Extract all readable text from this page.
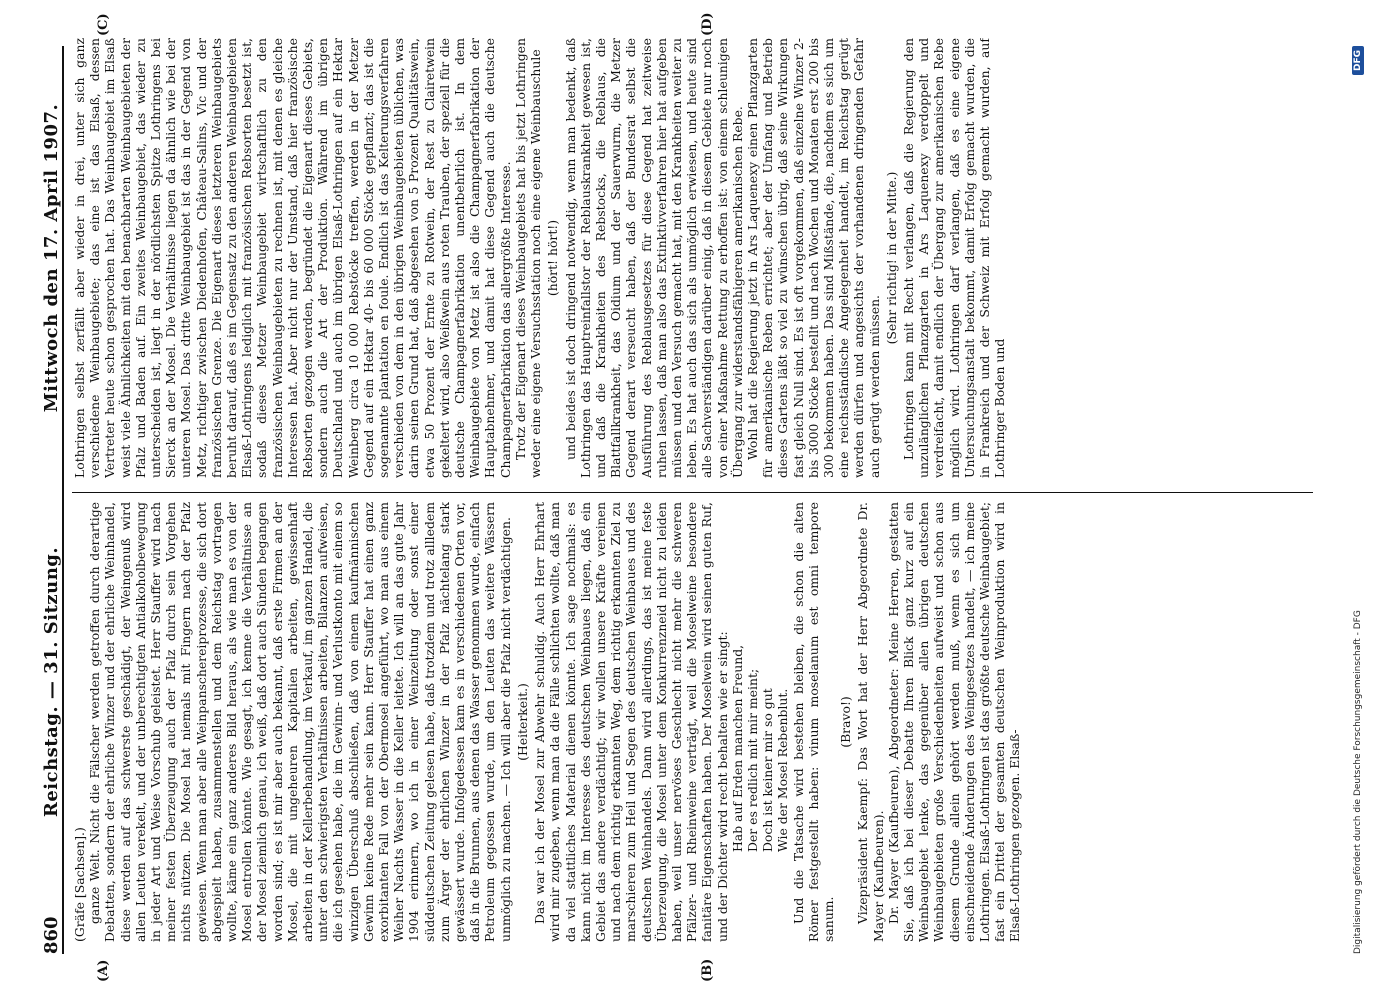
860
Reichstag. — 31. Sitzung.
Mittwoch den 17. April 1907.
(A)	(B)
(C)	(D)

(Gräfe [Sachsen].) ganze Welt. Nicht die Fälscher werden getroffen durch derartige Debatten, sondern der ehrliche Winzer und der ehrliche Weinhandel, diese werden auf das schwerste geschädigt, der Weingenuß wird allen Leuten verekelt, und der unberechtigten Antialkoholbewegung in jeder Art und Weise Vorschub geleistet. Herr Stauffer wird nach meiner festen Überzeugung auch der Pfalz durch sein Vorgehen nichts nützen. Die Mosel hat niemals mit Fingern nach der Pfalz gewiesen. Wenn man aber alle Weinpanschereiprozesse, die sich dort abgespielt haben, zusammenstellen und dem Reichstag vortragen wollte, käme ein ganz anderes Bild heraus, als wie man es von der Mosel entrollen könnte. Wie gesagt, ich kenne die Verhältnisse an der Mosel ziemlich genau, ich weiß, daß dort auch Sünden begangen worden sind; es ist mir aber auch bekannt, daß erste Firmen an der Mosel, die mit ungeheuren Kapitalien arbeiten, gewissenhaft arbeiten in der Kellerbehandlung, im Verkauf, im ganzen Handel, die unter den schwierigsten Verhältnissen arbeiten, Bilanzen aufweisen, die ich gesehen habe, die im Gewinn- und Verlustkonto mit einem so winzigen Überschuß abschließen, daß von einem kaufmännischen Gewinn keine Rede mehr sein kann. Herr Stauffer hat einen ganz exorbitanten Fall von der Obermosel angeführt, wo man aus einem Weiher Nachts Wasser in die Keller leitete. Ich will an das gute Jahr 1904 erinnern, wo ich in einer Weinzeitung oder sonst einer süddeutschen Zeitung gelesen habe, daß trotzdem und trotz allledem zum Ärger der ehrlichen Winzer in der Pfalz nächtelang stark gewässert wurde. Infolgedessen kam es in verschiedenen Orten vor, daß in die Brunnen, aus denen das Wasser genommen wurde, einfach Petroleum gegossen wurde, um den Leuten das weitere Wässern unmöglich zu machen. — Ich will aber die Pfalz nicht verdächtigen. (Heiterkeit.) Das war ich der Mosel zur Abwehr schuldig. Auch Herr Ehrhart wird mir zugeben, wenn man da die Fälle schlichten wollte, daß man da viel stattliches Material dienen könnte. Ich sage nochmals: es kann nicht im Interesse des deutschen Weinbaues liegen, daß ein Gebiet das andere verdächtigt; wir wollen unsere Kräfte vereinen und nach dem richtig erkannten Weg, dem richtig erkannten Ziel zu marschieren zum Heil und Segen des deutschen Weinbaues und des deutschen Weinhandels. Dann wird allerdings, das ist meine feste Überzeugung, die Mosel unter dem Konkurrenzneid nicht zu leiden haben, weil unser nervöses Geschlecht nicht mehr die schweren Pfälzer- und Rheinweine verträgt, weil die Moselweine besondere fanitäre Eigenschaften haben. Der Moselwein wird seinen guten Ruf, und der Dichter wird recht behalten wie er singt: Hab auf Erden manchen Freund, Der es redlich mit mir meint; Doch ist keiner mir so gut Wie der Mosel Rebenblut. Und die Tatsache wird bestehen bleiben, die schon die alten Römer festgestellt haben: vinum moselanum est omni tempore sanum.

(Bravo!) Vizepräsident Kaempf: Das Wort hat der Herr Abgeordnete Dr. Mayer (Kaufbeuren). Dr. Mayer (Kaufbeuren), Abgeordneter: Meine Herren, gestatten Sie, daß ich bei dieser Debatte Ihren Blick ganz kurz auf ein Weinbaugebiet lenke, das gegenüber allen übrigen deutschen Weinbaugebieten große Verschiedenheiten aufweist und schon aus diesem Grunde allein gehört werden muß, wenn es sich um einschneidende Änderungen des Weingesetzes handelt, — ich meine Lothringen. Elsaß-Lothringen ist das größte deutsche Weinbaugebiet; fast ein Drittel der gesamten deutschen Weinproduktion wird in Elsaß-Lothringen gezogen. Elsaß-

Lothringen selbst zerfällt aber wieder in drei, unter sich ganz verschiedene Weinbaugebiete; das eine ist das Elsaß, dessen Vertreter heute schon gesprochen hat. Das Weinbaugebiet im Elsaß weist viele Ähnlichkeiten mit den benachbarten Weinbaugebieten der Pfalz und Baden auf. Ein zweites Weinbaugebiet, das wieder zu unterscheiden ist, liegt in der nördlichsten Spitze Lothringens bei Sierck an der Mosel. Die Verhältnisse liegen da ähnlich wie bei der unteren Mosel. Das dritte Weinbaugebiet ist das in der Gegend von Metz, richtiger zwischen Diedenhofen, Château-Salins, Vic und der französischen Grenze. Die Eigenart dieses letzteren Weinbaugebiets beruht darauf, daß es im Gegensatz zu den anderen Weinbaugebieten Elsaß-Lothringens lediglich mit französischen Rebsorten besetzt ist, sodaß dieses Metzer Weinbaugebiet wirtschaftlich zu den französischen Weinbaugebieten zu rechnen ist, mit denen es gleiche Interessen hat. Aber nicht nur der Umstand, daß hier französische Rebsorten gezogen werden, begründet die Eigenart dieses Gebiets, sondern auch die Art der Produktion. Während im übrigen Deutschland und auch im übrigen Elsaß-Lothringen auf ein Hektar Weinberg circa 10 000 Rebstöcke treffen, werden in der Metzer Gegend auf ein Hektar 40- bis 60 000 Stöcke gepflanzt; das ist die sogenannte plantation en foule. Endlich ist das Kelterungsverfahren verschieden von dem in den übrigen Weinbaugebieten üblichen, was darin seinen Grund hat, daß abgesehen von 5 Prozent Qualitätswein, etwa 50 Prozent der Ernte zu Rotwein, der Rest zu Clairetwein gekeltert wird, also Weißwein aus roten Trauben, der speziell für die deutsche Champagnerfabrikation unentbehrlich ist. In dem Weinbaugebiete von Metz ist also die Champagnerfabrikation der Hauptabnehmer, und damit hat diese Gegend auch die deutsche Champagnerfabrikation das allergrößte Interesse. Trotz der Eigenart dieses Weinbaugebiets hat bis jetzt Lothringen weder eine eigene Versuchsstation noch eine eigene Weinbauschule (hört! hört!) und beides ist doch dringend notwendig, wenn man bedenkt, daß Lothringen das Hauptreinfallstor der Reblauskrankheit gewesen ist, und daß die Krankheiten des Rebstocks, die Reblaus, die Blattfallkrankheit, das Oidium und der Sauerwurm, die Metzer Gegend derart verseucht haben, daß der Bundesrat selbst die Ausführung des Reblausgesetzes für diese Gegend hat zeitweise ruhen lassen, daß man also das Extinktivverfahren hier hat aufgeben müssen und den Versuch gemacht hat, mit den Krankheiten weiter zu leben. Es hat auch das sich als unmöglich erwiesen, und heute sind alle Sachverständigen darüber einig, daß in diesem Gebiete nur noch von einer Maßnahme Rettung zu erhoffen ist: von einem schleunigen Übergang zur widerstandsfähigeren amerikanischen Rebe. Wohl hat die Regierung jetzt in Ars Laquenexy einen Pflanzgarten für amerikanische Reben errichtet; aber der Umfang und Betrieb dieses Gartens läßt so viel zu wünschen übrig, daß seine Wirkungen fast gleich Null sind. Es ist oft vorgekommen, daß einzelne Winzer 2- bis 3000 Stöcke bestellt und nach Wochen und Monaten erst 200 bis 300 bekommen haben. Das sind Mißstände, die, nachdem es sich um eine reichsständische Angelegenheit handelt, im Reichstag gerügt werden dürfen und angesichts der vorhandenen dringenden Gefahr auch gerügt werden müssen.

(Sehr richtig! in der Mitte.) Lothringen kann mit Recht verlangen, daß die Regierung den unzulänglichen Pflanzgarten in Ars Laquenexy verdoppelt und verdreifacht, damit endlich der Übergang zur amerikanischen Rebe möglich wird. Lothringen darf verlangen, daß es eine eigene Untersuchungsanstalt bekommt, damit Erfolg gemacht wurden, die in Frankreich und der Schweiz mit Erfolg gemacht wurden, auf Lothringer Boden und

Digitalisierung gefördert durch die Deutsche Forschungsgemeinschaft - DFG
DFG
